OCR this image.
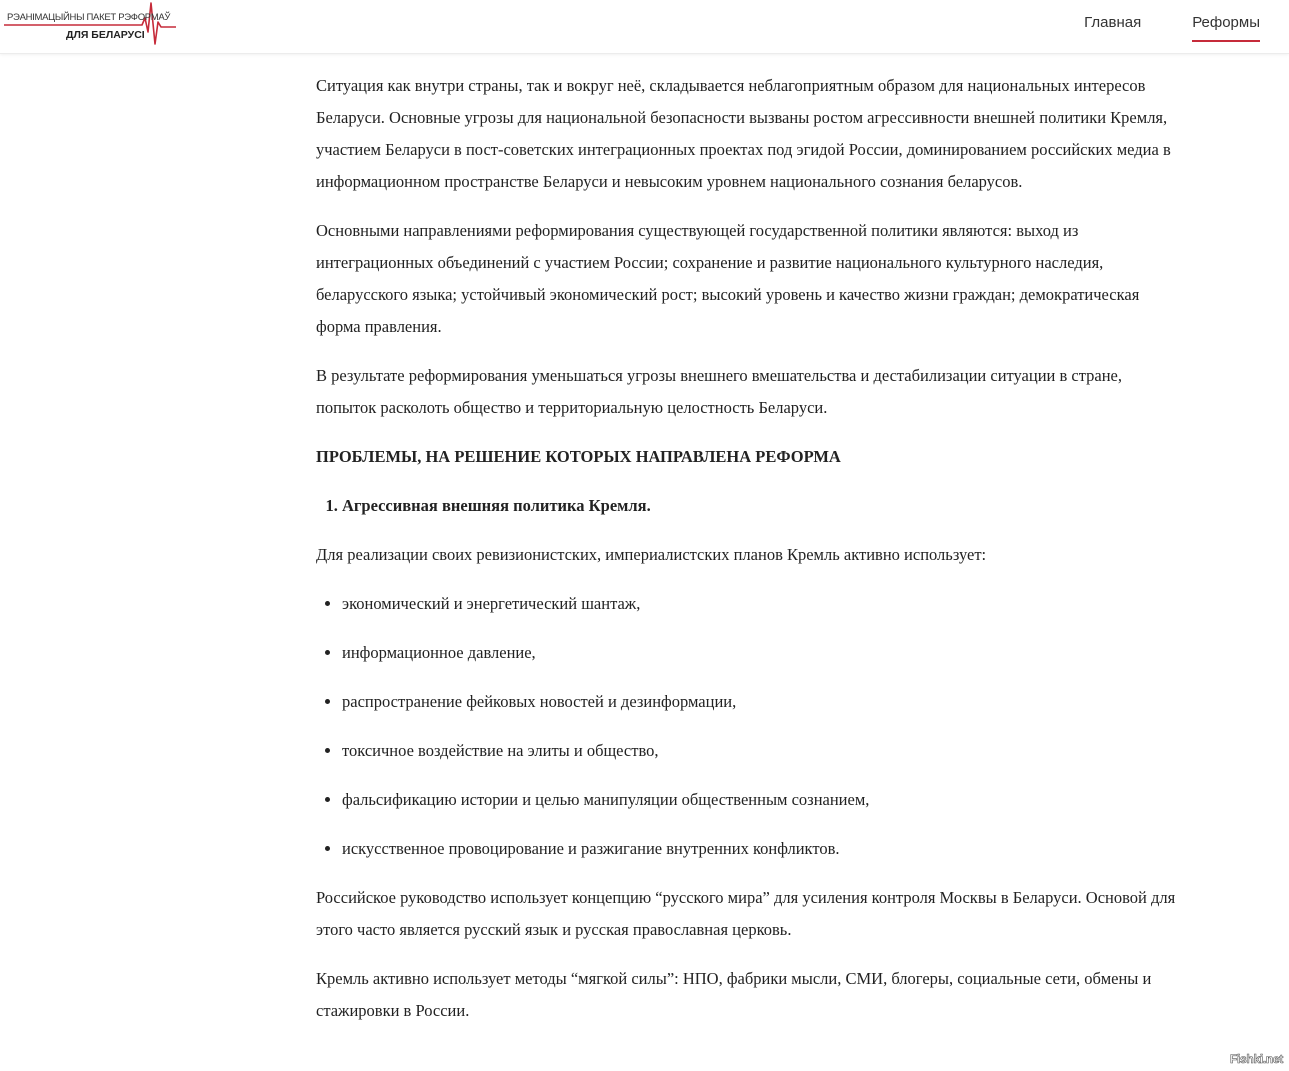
РЭАНІМАЦЫЙНЫ ПАКЕТ РЭФОРМАЎ
ДЛЯ БЕЛАРУСІ
Главная	Реформы

Ситуация как внутри страны, так и вокруг неё, складывается неблагоприятным образом для национальных интересов Беларуси. Основные угрозы для национальной безопасности вызваны ростом агрессивности внешней политики Кремля, участием Беларуси в пост-советских интеграционных проектах под эгидой России, доминированием российских медиа в информационном пространстве Беларуси и невысоким уровнем национального сознания беларусов.

Основными направлениями реформирования существующей государственной политики являются: выход из интеграционных объединений с участием России; сохранение и развитие национального культурного наследия, беларусского языка; устойчивый экономический рост; высокий уровень и качество жизни граждан; демократическая форма правления.

В результате реформирования уменьшаться угрозы внешнего вмешательства и дестабилизации ситуации в стране, попыток расколоть общество и территориальную целостность Беларуси.

ПРОБЛЕМЫ, НА РЕШЕНИЕ КОТОРЫХ НАПРАВЛЕНА РЕФОРМА
1. Агрессивная внешняя политика Кремля.

Для реализации своих ревизионистских, империалистских планов Кремль активно использует:

• экономический и энергетический шантаж,
• информационное давление,
• распространение фейковых новостей и дезинформации,
• токсичное воздействие на элиты и общество,
• фальсификацию истории и целью манипуляции общественным сознанием,
• искусственное провоцирование и разжигание внутренних конфликтов.

Российское руководство использует концепцию “русского мира” для усиления контроля Москвы в Беларуси. Основой для этого часто является русский язык и русская православная церковь.

Кремль активно использует методы “мягкой силы”: НПО, фабрики мысли, СМИ, блогеры, социальные сети, обмены и стажировки в России.

Fishki.net
